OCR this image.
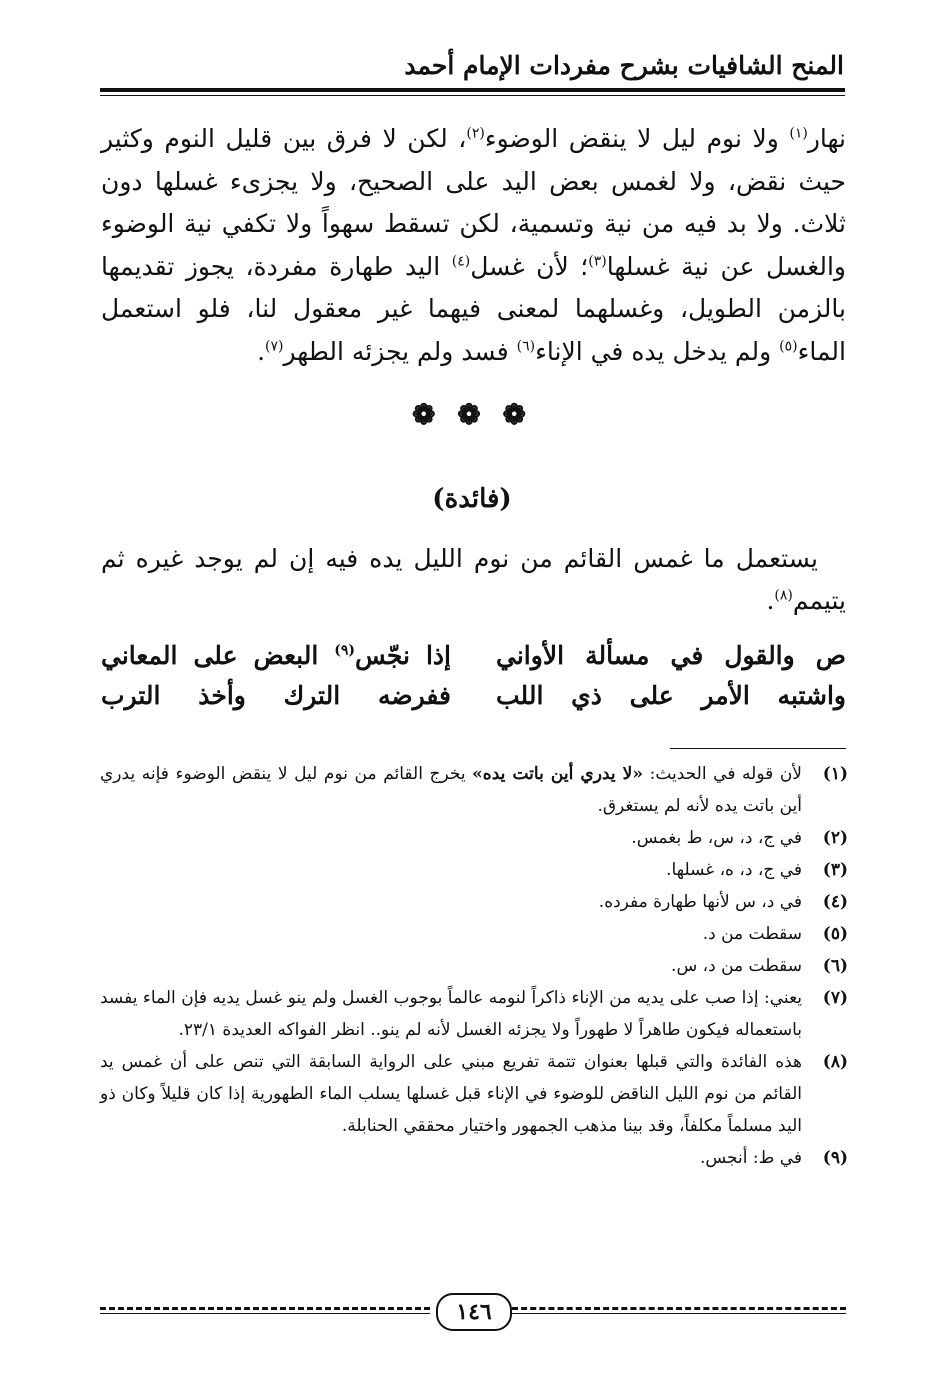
المنح الشافيات بشرح مفردات الإمام أحمد

نهار$^{(١)}$ ولا نوم ليل لا ينقض الوضوء$^{(٢)}$، لكن لا فرق بين قليل النوم وكثير حيث نقض، ولا لغمس بعض اليد على الصحيح، ولا يجزىء غسلها دون ثلاث. ولا بد فيه من نية وتسمية، لكن تسقط سهواً ولا تكفي نية الوضوء والغسل عن نية غسلها$^{(٣)}$؛ لأن غسل$^{(٤)}$ اليد طهارة مفردة، يجوز تقديمها بالزمن الطويل، وغسلهما لمعنى فيهما غير معقول لنا، فلو استعمل الماء$^{(٥)}$ ولم يدخل يده في الإناء$^{(٦)}$ فسد ولم يجزئه الطهر$^{(٧)}$.

❁ ❁ ❁
(فائدة)

يستعمل ما غمس القائم من نوم الليل يده فيه إن لم يوجد غيره ثم يتيمم$^{(٨)}$.

ص والقول في مسألة الأواني
إذا نجّس$^{(٩)}$ البعض على المعاني
واشتبه الأمر على ذي اللب
ففرضه الترك وأخذ الترب
(١)
لأن قوله في الحديث: «لا يدري أين باتت يده» يخرج القائم من نوم ليل لا ينقض الوضوء فإنه يدري أين باتت يده لأنه لم يستغرق.
(٢)
في ج، د، س، ط بغمس.
(٣)
في ج، د، ه، غسلها.
(٤)
في د، س لأنها طهارة مفرده.
(٥)
سقطت من د.
(٦)
سقطت من د، س.
(٧)
يعني: إذا صب على يديه من الإناء ذاكراً لنومه عالماً بوجوب الغسل ولم ينو غسل يديه فإن الماء يفسد باستعماله فيكون طاهراً لا طهوراً ولا يجزئه الغسل لأنه لم ينو.. انظر الفواكه العديدة ٢٣/١.
(٨)
هذه الفائدة والتي قبلها بعنوان تتمة تفريع مبني على الرواية السابقة التي تنص على أن غمس يد القائم من نوم الليل الناقض للوضوء في الإناء قبل غسلها يسلب الماء الطهورية إذا كان قليلاً وكان ذو اليد مسلماً مكلفاً، وقد بينا مذهب الجمهور واختيار محققي الحنابلة.
(٩)
في ط: أنجس.
١٤٦
